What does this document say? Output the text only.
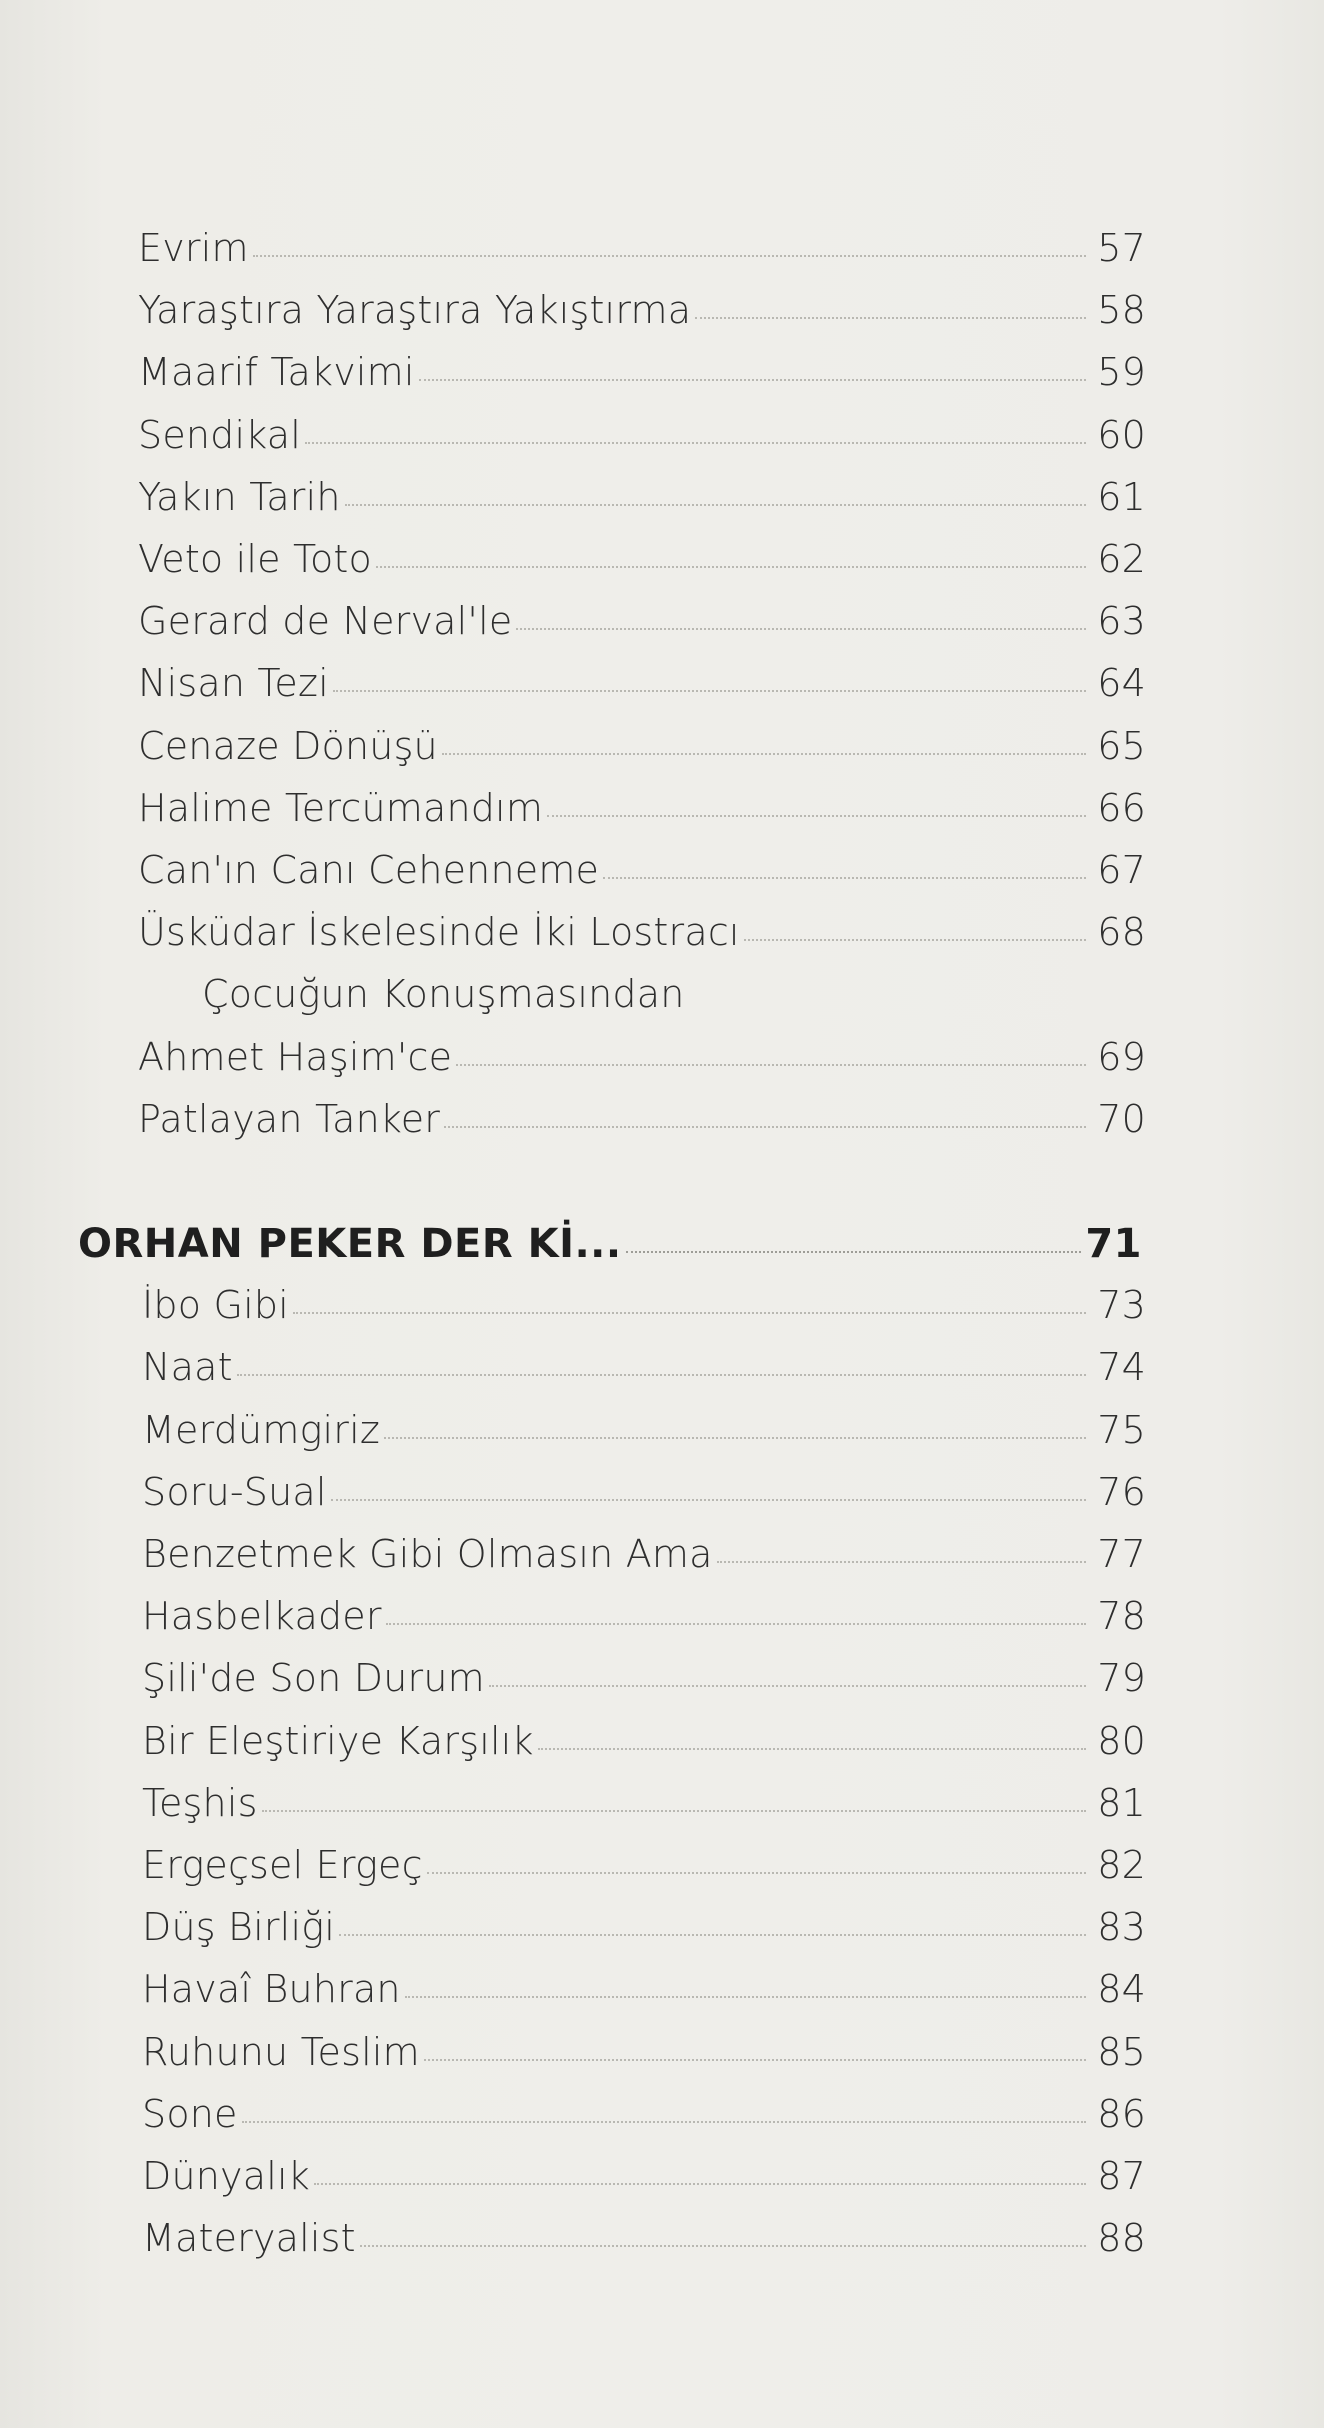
Evrim	57
Yaraştıra Yaraştıra Yakıştırma	58
Maarif Takvimi	59
Sendikal	60
Yakın Tarih	61
Veto ile Toto	62
Gerard de Nerval'le	63
Nisan Tezi	64
Cenaze Dönüşü	65
Halime Tercümandım	66
Can'ın Canı Cehenneme	67
Üsküdar İskelesinde İki Lostracı	68
Çocuğun Konuşmasından
Ahmet Haşim'ce	69
Patlayan Tanker	70
ORHAN PEKER DER Kİ...	71
İbo Gibi	73
Naat	74
Merdümgiriz	75
Soru-Sual	76
Benzetmek Gibi Olmasın Ama	77
Hasbelkader	78
Şili'de Son Durum	79
Bir Eleştiriye Karşılık	80
Teşhis	81
Ergeçsel Ergeç	82
Düş Birliği	83
Havaî Buhran	84
Ruhunu Teslim	85
Sone	86
Dünyalık	87
Materyalist	88
